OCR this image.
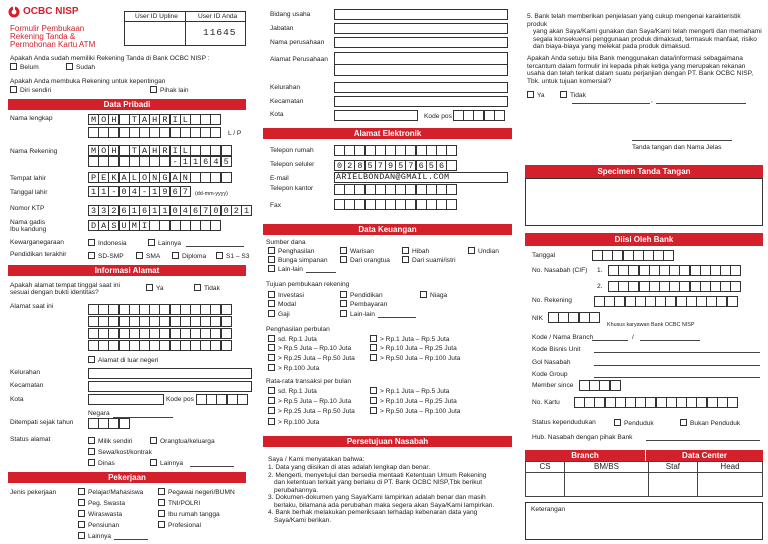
OCBC NISP
Formulir Pembukaan
Rekening Tanda &
Permohonan Kartu ATM
User ID Upline	User ID Anda
11645
Apakah Anda sudah memiliki Rekening Tanda di Bank OCBC NISP :
Belum	Sudah
Apakah Anda membuka Rekening untuk kepentingan
Diri sendiri	Pihak lain
Data Pribadi
Nama lengkap	M O H	T A H R I L
L / P
Nama Rekening	M O H	T A H R I L
- 1 1 6 4 5
Tempat lahir	P E K A L O N G A N
Tanggal lahir	1 1 - 0 4 - 1 9 6 7	(dd-mm-yyyy)
Nomor KTP	3 3 2 6 1 6 1 1 0 4 6 7 0 0 2 1
Nama gadis
Ibu kandung	D A S U M I
Kewarganegaraan	Indonesia	Lainnya
Pendidikan terakhir	SD-SMP	SMA	Diploma	S1 – S3
Informasi Alamat
Apakah alamat tempat tinggal saat ini
sesuai dengan bukti identitas?
Ya	Tidak
Alamat saat ini
Alamat di luar negeri
Kelurahan
Kecamatan
Kota	Kode pos
Negara
Ditempati sejak tahun
Status alamat	Milik sendiri	Orangtua/keluarga
Sewa/kost/kontrak
Dinas	Lainnya
Pekerjaan
Jenis pekerjaan	Pelajar/Mahasiswa
Peg. Swasta
Wiraswasta
Pensiunan
Lainnya
Pegawai negeri/BUMN
TNI/POLRI
Ibu rumah tangga
Profesional
Bidang usaha
Jabatan
Nama perusahaan
Alamat Perusahaan
Kelurahan
Kecamatan
Kota	Kode pos
Alamat Elektronik
Telepon rumah
Telepon seluler	0 2 8 5 7 9 5 7 6 5 6
E-mail	ARIELBONDAN@GMAIL.COM
Telepon kantor
Fax
Data Keuangan
Sumber dana
Penghasilan	Warisan	Hibah	Undian
Bunga simpanan	Dari orangtua	Dari suami/istri
Lain-lain
Tujuan pembukaan rekening
Investasi	Pendidikan	Niaga
Modal	Pembayaran
Gaji	Lain-lain
Penghasilan perbulan
sd. Rp.1 Juta	> Rp.1 Juta – Rp.5 Juta
> Rp.5 Juta – Rp.10 Juta	> Rp.10 Juta – Rp.25 Juta
> Rp.25 Juta – Rp.50 Juta	> Rp.50 Juta – Rp.100 Juta
> Rp.100 Juta
Rata-rata transaksi per bulan
sd. Rp.1 Juta	> Rp.1 Juta – Rp.5 Juta
> Rp.5 Juta – Rp.10 Juta	> Rp.10 Juta – Rp.25 Juta
> Rp.25 Juta – Rp.50 Juta	> Rp.50 Juta – Rp.100 Juta
> Rp.100 Juta
Persetujuan Nasabah
Saya / Kami menyatakan bahwa:
1. Data yang diisikan di atas adalah lengkap dan benar.
2. Mengerti, menyetujui dan bersedia mentaati Ketentuan Umum Rekening
dan ketentuan terkait yang berlaku di PT. Bank OCBC NISP,Tbk berikut
perubahannya.
3. Dokumen-dokumen yang Saya/Kami lampirkan adalah benar dan masih
berlaku, bilamana ada perubahan maka segera akan Saya/Kami lampirkan.
4. Bank berhak melakukan pemeriksaan terhadap kebenaran data yang
Saya/Kami berikan.
5. Bank telah memberikan penjelasan yang cukup mengenai karakteristik produk
yang akan Saya/Kami gunakan dan Saya/Kami telah mengerti dan memahami
segala konsekuensi penggunaan produk dimaksud, termasuk manfaat, risiko
dan biaya-biaya yang melekat pada produk dimaksud.
Apakah Anda setuju bila Bank menggunakan data/informasi sebagaimana
tercantum dalam formulir ini kepada pihak ketiga yang merupakan rekanan
usaha dan telah terikat dalam suatu perjanjian dengan PT. Bank OCBC NISP,
Tbk. untuk tujuan komersial?
Ya	Tidak
,
Tanda tangan dan Nama Jelas
Specimen Tanda Tangan
Diisi Oleh Bank
Tanggal
No. Nasabah (CIF) 1.
2.
No. Rekening
NIK
Khusus karyawan Bank OCBC NISP
Kode / Nama Branch	/
Kode Bisnis Unit
Gol Nasabah
Kode Group
Member since
No. Kartu
Status kependudukan	Penduduk	Bukan Penduduk
Hub. Nasabah dengan pihak Bank
Branch	Data Center
CS	BM/BS	Staf	Head

Keterangan
